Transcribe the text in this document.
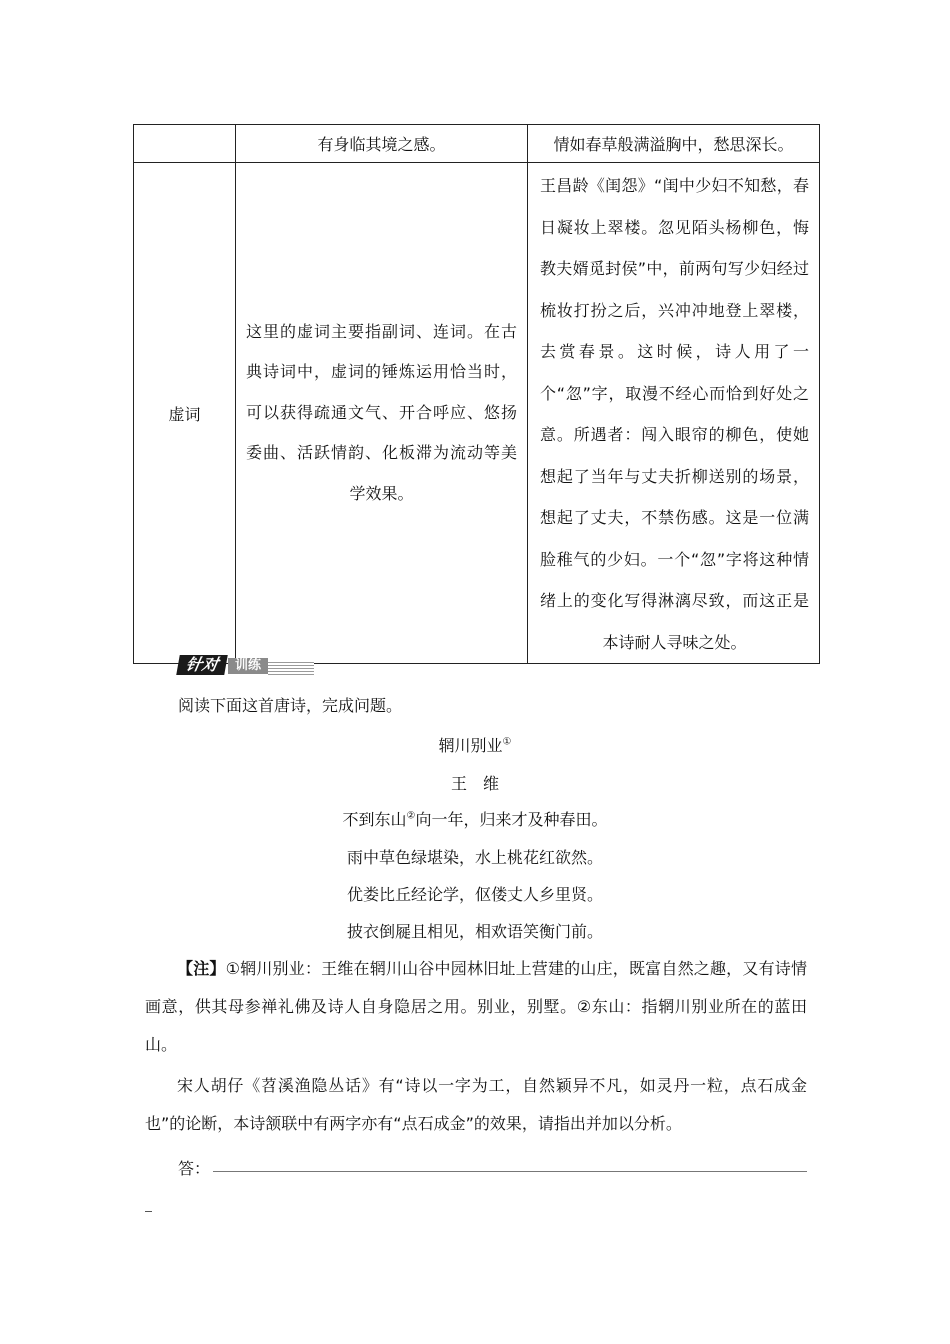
	有身临其境之感。	情如春草般满溢胸中，愁思深长。
虚词	这里的虚词主要指副词、连词。在古典诗词中，虚词的锤炼运用恰当时，可以获得疏通文气、开合呼应、悠扬委曲、活跃情韵、化板滞为流动等美学效果。	王昌龄《闺怨》“闺中少妇不知愁，春日凝妆上翠楼。忽见陌头杨柳色，悔教夫婿觅封侯”中，前两句写少妇经过梳妆打扮之后，兴冲冲地登上翠楼，去赏春景。这时候，诗人用了一个“忽”字，取漫不经心而恰到好处之意。所遇者：闯入眼帘的柳色，使她想起了当年与丈夫折柳送别的场景，想起了丈夫，不禁伤感。这是一位满脸稚气的少妇。一个“忽”字将这种情绪上的变化写得淋漓尽致，而这正是本诗耐人寻味之处。
针对	训练
阅读下面这首唐诗，完成问题。
辋川别业①
王　维
不到东山②向一年，归来才及种春田。
雨中草色绿堪染，水上桃花红欲然。
优娄比丘经论学，伛偻丈人乡里贤。
披衣倒屣且相见，相欢语笑衡门前。
【注】①辋川别业：王维在辋川山谷中园林旧址上营建的山庄，既富自然之趣，又有诗情画意，供其母参禅礼佛及诗人自身隐居之用。别业，别墅。②东山：指辋川别业所在的蓝田山。
宋人胡仔《苕溪渔隐丛话》有“诗以一字为工，自然颖异不凡，如灵丹一粒，点石成金也”的论断，本诗颔联中有两字亦有“点石成金”的效果，请指出并加以分析。
答：
